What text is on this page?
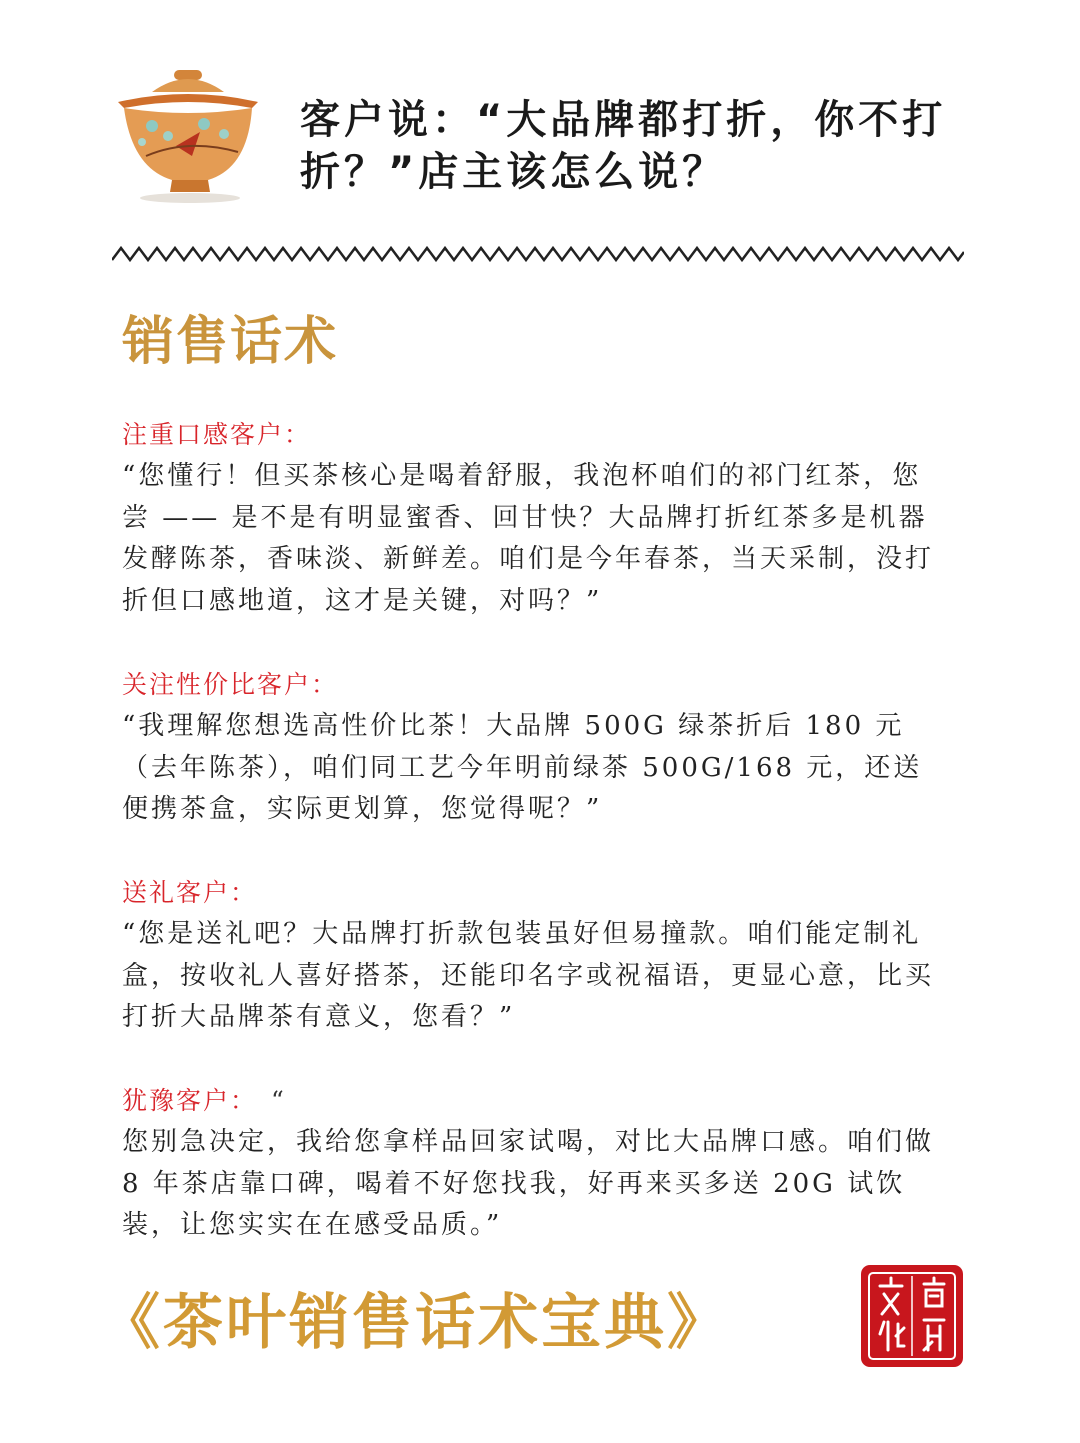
客户说：“大品牌都打折，你不打折？”店主该怎么说？
销售话术
注重口感客户：
“您懂行！但买茶核心是喝着舒服，我泡杯咱们的祁门红茶，您尝 —— 是不是有明显蜜香、回甘快？大品牌打折红茶多是机器发酵陈茶，香味淡、新鲜差。咱们是今年春茶，当天采制，没打折但口感地道，这才是关键，对吗？”
关注性价比客户：
“我理解您想选高性价比茶！大品牌 500G 绿茶折后 180 元（去年陈茶），咱们同工艺今年明前绿茶 500G/168 元，还送便携茶盒，实际更划算，您觉得呢？”
送礼客户：
“您是送礼吧？大品牌打折款包装虽好但易撞款。咱们能定制礼盒，按收礼人喜好搭茶，还能印名字或祝福语，更显心意，比买打折大品牌茶有意义，您看？”
犹豫客户： “
您别急决定，我给您拿样品回家试喝，对比大品牌口感。咱们做 8 年茶店靠口碑，喝着不好您找我，好再来买多送 20G 试饮装，让您实实在在感受品质。”
《茶叶销售话术宝典》
